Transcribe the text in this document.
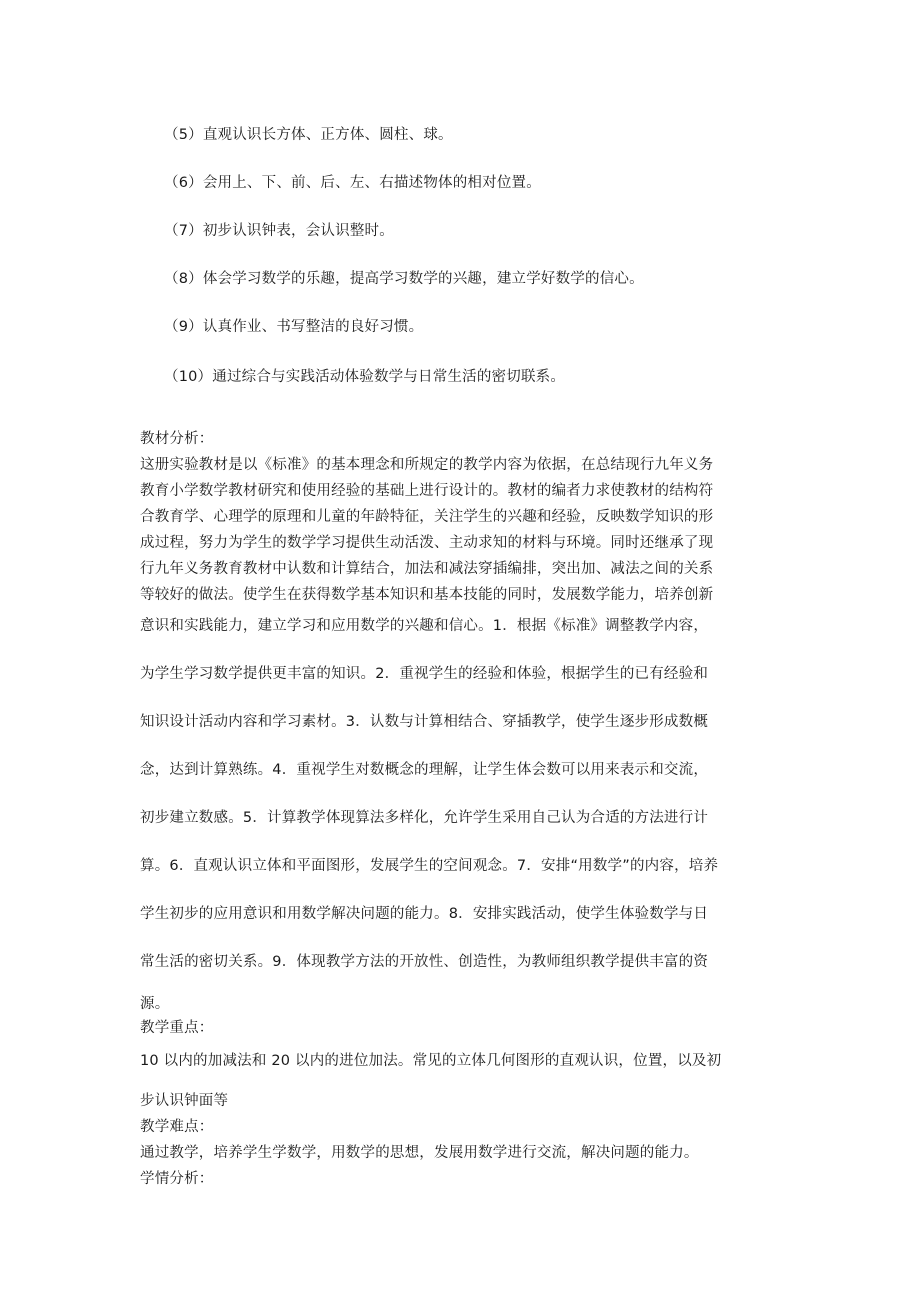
（5）直观认识长方体、正方体、圆柱、球。
（6）会用上、下、前、后、左、右描述物体的相对位置。
（7）初步认识钟表，会认识整时。
（8）体会学习数学的乐趣，提高学习数学的兴趣，建立学好数学的信心。
（9）认真作业、书写整洁的良好习惯。
（10）通过综合与实践活动体验数学与日常生活的密切联系。
教材分析：
这册实验教材是以《标准》的基本理念和所规定的教学内容为依据，在总结现行九年义务
教育小学数学教材研究和使用经验的基础上进行设计的。教材的编者力求使教材的结构符
合教育学、心理学的原理和儿童的年龄特征，关注学生的兴趣和经验，反映数学知识的形
成过程，努力为学生的数学学习提供生动活泼、主动求知的材料与环境。同时还继承了现
行九年义务教育教材中认数和计算结合，加法和减法穿插编排，突出加、减法之间的关系
等较好的做法。使学生在获得数学基本知识和基本技能的同时，发展数学能力，培养创新
意识和实践能力，建立学习和应用数学的兴趣和信心。1．根据《标准》调整教学内容，
为学生学习数学提供更丰富的知识。2．重视学生的经验和体验，根据学生的已有经验和
知识设计活动内容和学习素材。3．认数与计算相结合、穿插教学，使学生逐步形成数概
念，达到计算熟练。4．重视学生对数概念的理解，让学生体会数可以用来表示和交流，
初步建立数感。5．计算教学体现算法多样化，允许学生采用自己认为合适的方法进行计
算。6．直观认识立体和平面图形，发展学生的空间观念。7．安排“用数学”的内容，培养
学生初步的应用意识和用数学解决问题的能力。8．安排实践活动，使学生体验数学与日
常生活的密切关系。9．体现教学方法的开放性、创造性，为教师组织教学提供丰富的资
源。
教学重点：
10 以内的加减法和 20 以内的进位加法。常见的立体几何图形的直观认识，位置，以及初
步认识钟面等
教学难点：
通过教学，培养学生学数学，用数学的思想，发展用数学进行交流，解决问题的能力。
学情分析：
